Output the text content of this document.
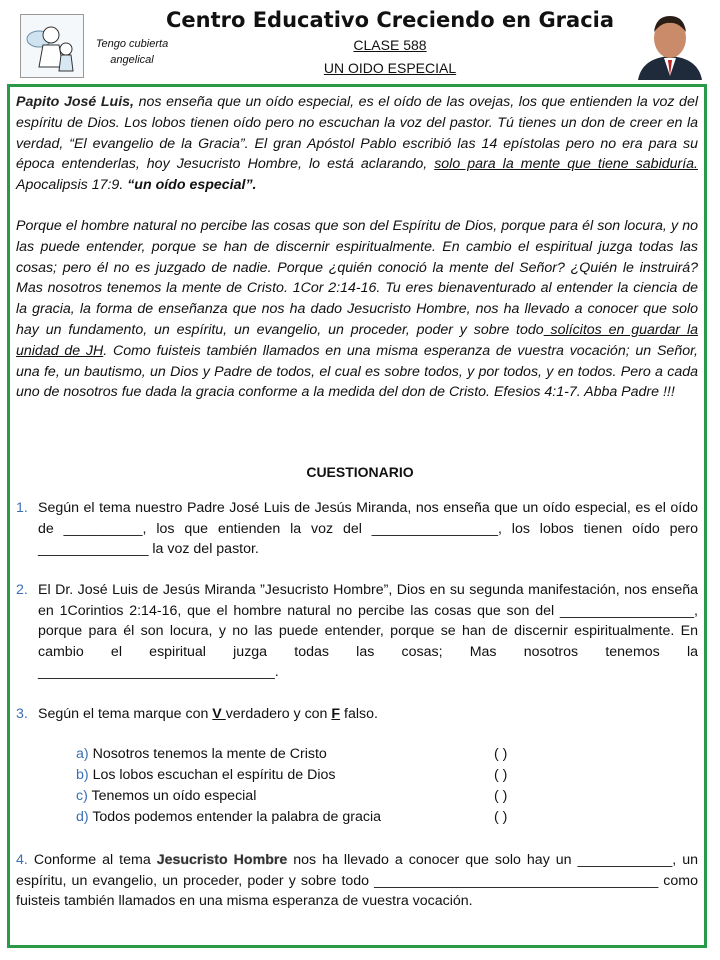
Tengo cubierta angelical
Centro Educativo Creciendo en Gracia
CLASE 588
UN OIDO ESPECIAL

Papito José Luis, nos enseña que un oído especial, es el oído de las ovejas, los que entienden la voz del espíritu de Dios. Los lobos tienen oído pero no escuchan la voz del pastor. Tú tienes un don de creer en la verdad, “El evangelio de la Gracia”. El gran Apóstol Pablo escribió las 14 epístolas pero no era para su época entenderlas, hoy Jesucristo Hombre, lo está aclarando, solo para la mente que tiene sabiduría. Apocalipsis 17:9. “un oído especial”.

Porque el hombre natural no percibe las cosas que son del Espíritu de Dios, porque para él son locura, y no las puede entender, porque se han de discernir espiritualmente. En cambio el espiritual juzga todas las cosas; pero él no es juzgado de nadie. Porque ¿quién conoció la mente del Señor? ¿Quién le instruirá? Mas nosotros tenemos la mente de Cristo. 1Cor 2:14-16. Tu eres bienaventurado al entender la ciencia de la gracia, la forma de enseñanza que nos ha dado Jesucristo Hombre, nos ha llevado a conocer que solo hay un fundamento, un espíritu, un evangelio, un proceder, poder y sobre todo solícitos en guardar la unidad de JH. Como fuisteis también llamados en una misma esperanza de vuestra vocación; un Señor, una fe, un bautismo, un Dios y Padre de todos, el cual es sobre todos, y por todos, y en todos. Pero a cada uno de nosotros fue dada la gracia conforme a la medida del don de Cristo. Efesios 4:1-7. Abba Padre !!!

CUESTIONARIO
1. Según el tema nuestro Padre José Luis de Jesús Miranda, nos enseña que un oído especial, es el oído de __________, los que entienden la voz del ________________, los lobos tienen oído pero ______________ la voz del pastor.
2. El Dr. José Luis de Jesús Miranda ”Jesucristo Hombre”, Dios en su segunda manifestación, nos enseña en 1Corintios 2:14-16, que el hombre natural no percibe las cosas que son del _________________, porque para él son locura, y no las puede entender, porque se han de discernir espiritualmente. En cambio el espiritual juzga todas las cosas; Mas nosotros tenemos la ______________________________.
3. Según el tema marque con V verdadero y con F falso.
a) Nosotros tenemos la mente de Cristo	( )
b) Los lobos escuchan el espíritu de Dios	( )
c) Tenemos un oído especial	( )
d) Todos podemos entender la palabra de gracia	( )
4. Conforme al tema Jesucristo Hombre nos ha llevado a conocer que solo hay un ____________, un espíritu, un evangelio, un proceder, poder y sobre todo ____________________________________ como fuisteis también llamados en una misma esperanza de vuestra vocación.
